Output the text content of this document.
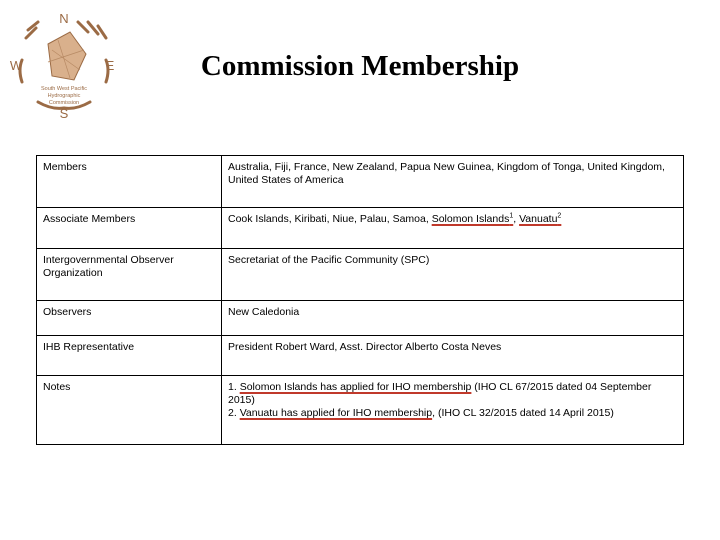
N
S
W	E
South West Pacific
Hydrographic
Commission
Commission Membership
Members	Australia, Fiji, France, New Zealand, Papua New Guinea, Kingdom of Tonga, United Kingdom, United States of America
Associate Members	Cook Islands, Kiribati, Niue, Palau, Samoa, Solomon Islands$^1$, Vanuatu$^2$
Intergovernmental Observer Organization	Secretariat of the Pacific Community (SPC)
Observers	New Caledonia
IHB Representative	President Robert Ward, Asst. Director Alberto Costa Neves
Notes	1. Solomon Islands has applied for IHO membership (IHO CL 67/2015 dated 04 September 2015)
2. Vanuatu has applied for IHO membership, (IHO CL 32/2015 dated 14 April 2015)
